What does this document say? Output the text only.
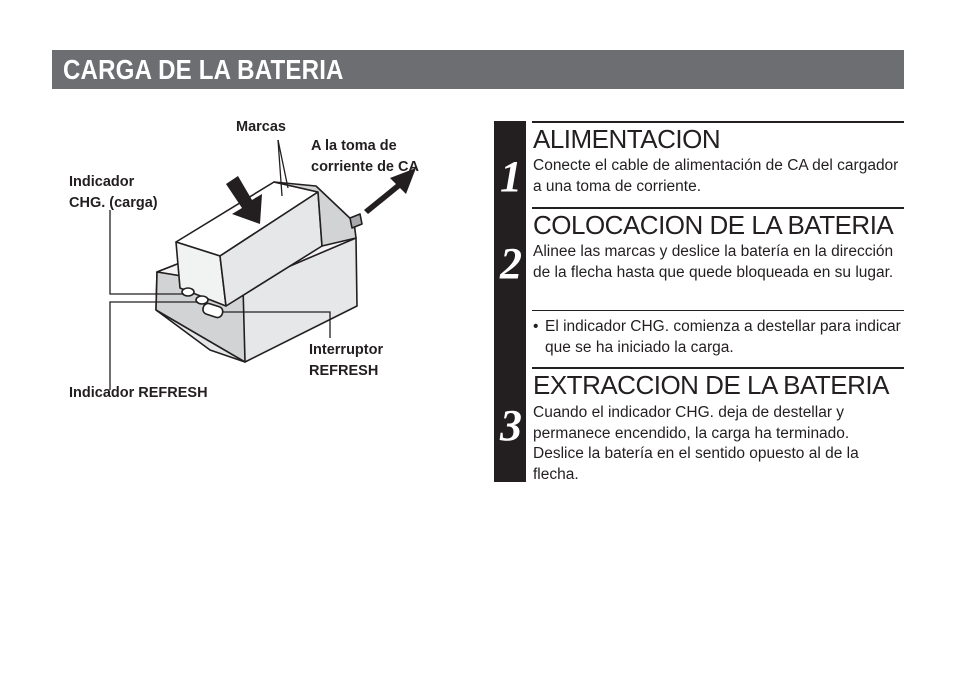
CARGA DE LA BATERIA
Marcas
A la toma de
corriente de CA
Indicador
CHG. (carga)
Interruptor
REFRESH
Indicador REFRESH
1
ALIMENTACION
Conecte el cable de alimentación de CA del cargador a una toma de corriente.
2
COLOCACION DE LA BATERIA
Alinee las marcas y deslice la batería en la dirección de la flecha hasta que quede bloqueada en su lugar.
• El indicador CHG. comienza a destellar para indicar que se ha iniciado la carga.
3
EXTRACCION DE LA BATERIA
Cuando el indicador CHG. deja de destellar y permanece encendido, la carga ha terminado. Deslice la batería en el sentido opuesto al de la flecha.
